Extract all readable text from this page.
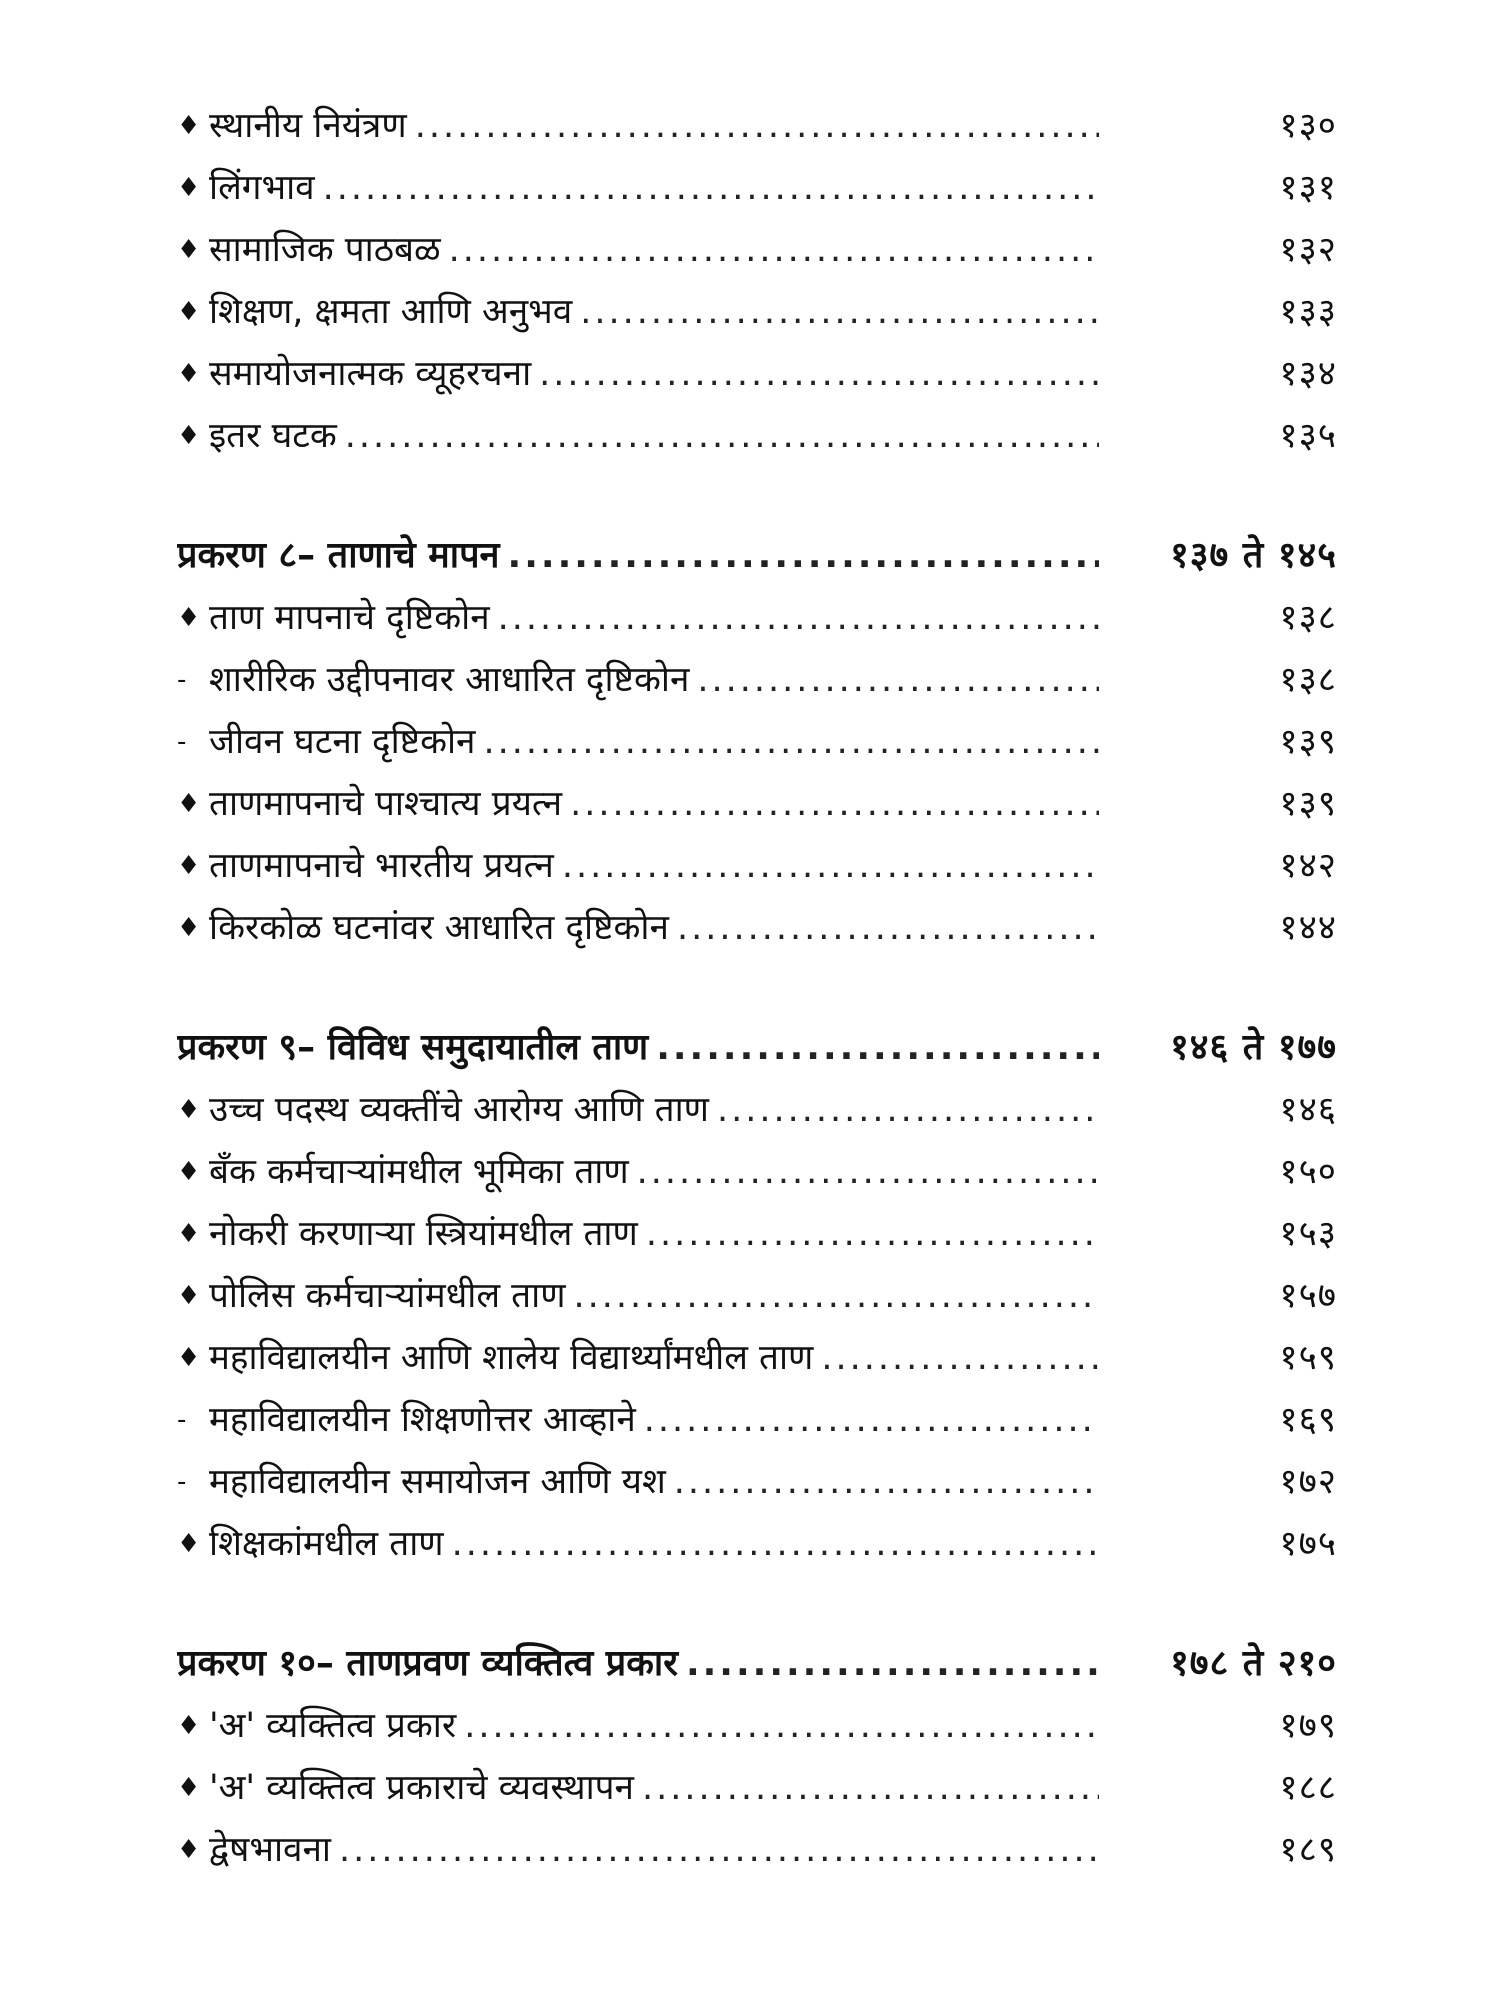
♦ स्थानीय नियंत्रण .....	१३०
♦ लिंगभाव .....	१३१
♦ सामाजिक पाठबळ .....	१३२
♦ शिक्षण, क्षमता आणि अनुभव .....	१३३
♦ समायोजनात्मक व्यूहरचना .....	१३४
♦ इतर घटक .....	१३५
प्रकरण ८– ताणाचे मापन .....	१३७ ते १४५
♦ ताण मापनाचे दृष्टिकोन .....	१३८
- शारीरिक उद्दीपनावर आधारित दृष्टिकोन .....	१३८
- जीवन घटना दृष्टिकोन .....	१३९
♦ ताणमापनाचे पाश्चात्य प्रयत्न .....	१३९
♦ ताणमापनाचे भारतीय प्रयत्न .....	१४२
♦ किरकोळ घटनांवर आधारित दृष्टिकोन .....	१४४
प्रकरण ९– विविध समुदायातील ताण .....	१४६ ते १७७
♦ उच्च पदस्थ व्यक्तींचे आरोग्य आणि ताण .....	१४६
♦ बँक कर्मचाऱ्यांमधील भूमिका ताण .....	१५०
♦ नोकरी करणाऱ्या स्त्रियांमधील ताण .....	१५३
♦ पोलिस कर्मचाऱ्यांमधील ताण .....	१५७
♦ महाविद्यालयीन आणि शालेय विद्यार्थ्यांमधील ताण .....	१५९
- महाविद्यालयीन शिक्षणोत्तर आव्हाने .....	१६९
- महाविद्यालयीन समायोजन आणि यश .....	१७२
♦ शिक्षकांमधील ताण .....	१७५
प्रकरण १०– ताणप्रवण व्यक्तित्व प्रकार .....	१७८ ते २१०
♦ 'अ' व्यक्तित्व प्रकार .....	१७९
♦ 'अ' व्यक्तित्व प्रकाराचे व्यवस्थापन .....	१८८
♦ द्वेषभावना .....	१८९
